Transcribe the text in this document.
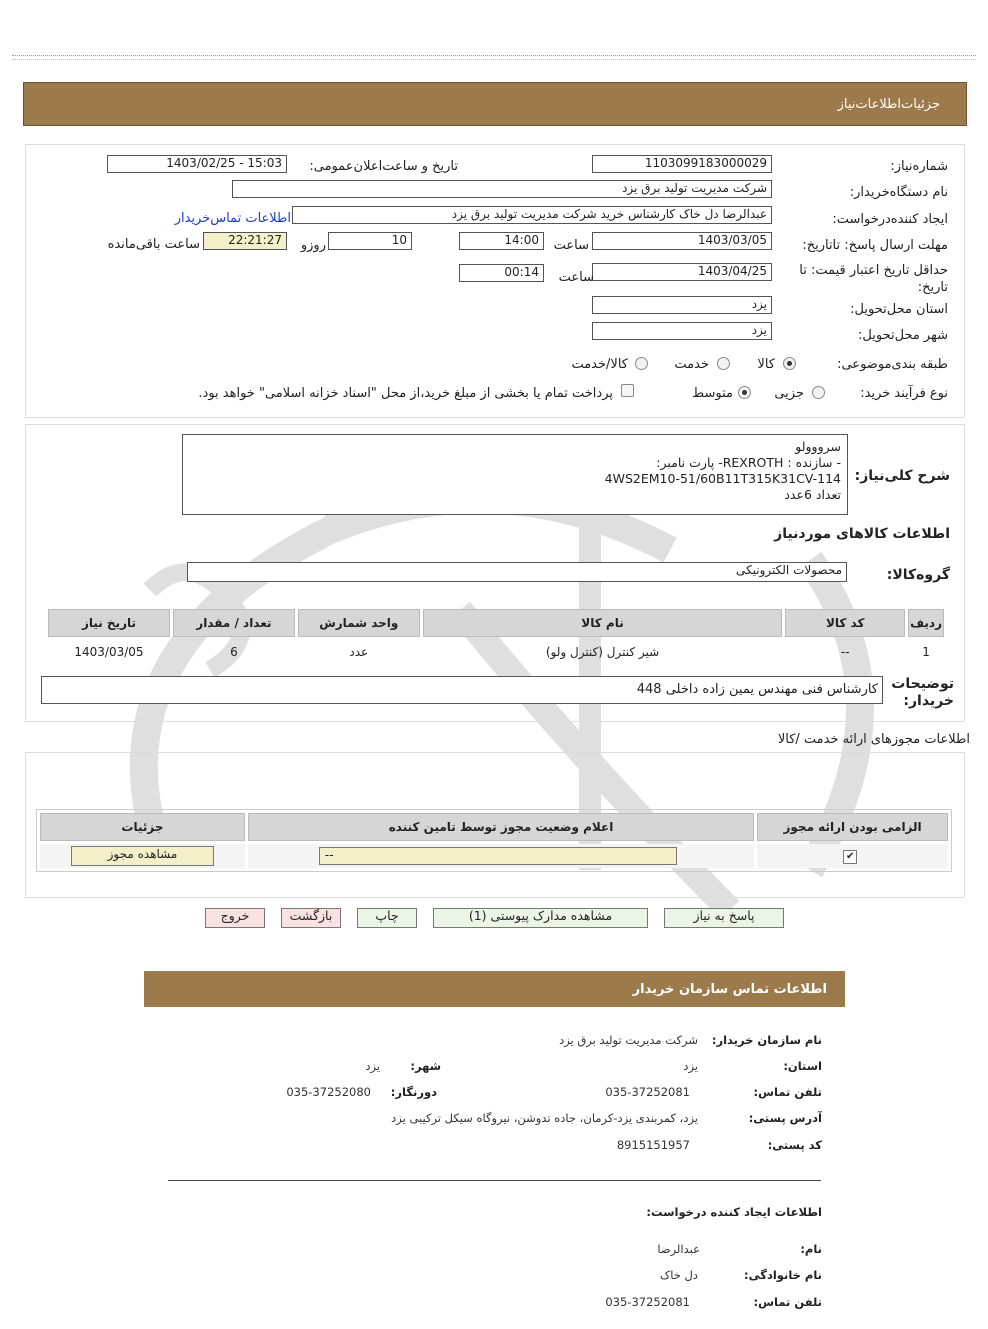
جزئیات‌اطلاعات‌نیاز
شماره‌نیاز:
1103099183000029
تاریخ و ساعت‌اعلان‌عمومی:
1403/02/25 - 15:03
نام دستگاه‌خریدار:
شرکت مدیریت تولید برق یزد
ایجاد کننده‌درخواست:
عبدالرضا دل خاک کارشناس خرید شرکت مدیریت تولید برق یزد
اطلاعات تماس‌خریدار
مهلت ارسال پاسخ: تاتاریخ:
1403/03/05
ساعت
14:00
10
روزو
22:21:27
ساعت باقی‌مانده
حداقل تاریخ اعتبار قیمت: تا تاریخ:
1403/04/25
ساعت
00:14
استان محل‌تحویل:
یزد
شهر محل‌تحویل:
یزد
طبقه بندی‌موضوعی:
کالا
خدمت
کالا/خدمت
نوع فرآیند خرید:
جزیی
متوسط
پرداخت تمام یا بخشی از مبلغ خرید،از محل "اسناد خزانه اسلامی" خواهد بود.
شرح کلی‌نیاز:
سرووولو
- سازنده : REXROTH- پارت نامبر:
4WS2EM10-51/60B11T315K31CV-114
تعداد 6عدد
اطلاعات کالاهای موردنیاز
گروه‌کالا:
محصولات الکترونیکی
ردیف	کد کالا	نام کالا	واحد شمارش	تعداد / مقدار	تاریخ نیاز
1	--	شیر کنترل (کنترل ولو)	عدد	6	1403/03/05
توضیحات خریدار:
کارشناس فنی مهندس یمین زاده داخلی 448
اطلاعات مجوزهای ارائه خدمت /کالا
الزامی بودن ارائه مجوز	اعلام وضعیت مجوز توسط تامین کننده	جزئیات
✔	--	مشاهده مجوز
پاسخ به نیاز
مشاهده مدارک پیوستی (1)
چاپ
بازگشت
خروج
اطلاعات تماس سازمان خریدار
نام سازمان خریدار:
شرکت مدیریت تولید برق یزد
استان:
یزد
شهر:
یزد
تلفن تماس:
035-37252081
دورنگار:
035-37252080
آدرس پستی:
یزد، کمربندی یزد-کرمان، جاده تدوشن، نیروگاه سیکل ترکیبی یزد
کد پستی:
8915151957
اطلاعات ایجاد کننده درخواست:
نام:
عبدالرضا
نام خانوادگی:
دل خاک
تلفن تماس:
035-37252081
